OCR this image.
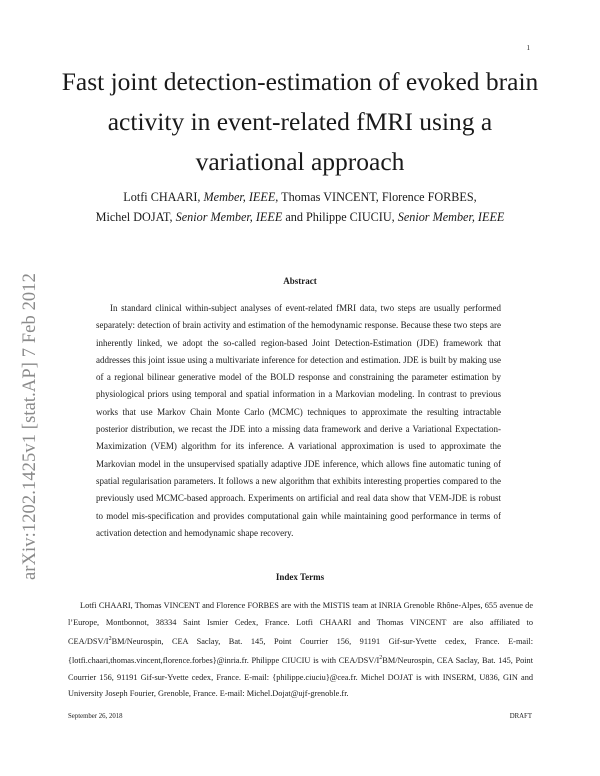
1
arXiv:1202.1425v1 [stat.AP] 7 Feb 2012
Fast joint detection-estimation of evoked brain activity in event-related fMRI using a variational approach
Lotfi CHAARI, Member, IEEE, Thomas VINCENT, Florence FORBES,
Michel DOJAT, Senior Member, IEEE and Philippe CIUCIU, Senior Member, IEEE
Abstract
In standard clinical within-subject analyses of event-related fMRI data, two steps are usually performed separately: detection of brain activity and estimation of the hemodynamic response. Because these two steps are inherently linked, we adopt the so-called region-based Joint Detection-Estimation (JDE) framework that addresses this joint issue using a multivariate inference for detection and estimation. JDE is built by making use of a regional bilinear generative model of the BOLD response and constraining the parameter estimation by physiological priors using temporal and spatial information in a Markovian modeling. In contrast to previous works that use Markov Chain Monte Carlo (MCMC) techniques to approximate the resulting intractable posterior distribution, we recast the JDE into a missing data framework and derive a Variational Expectation-Maximization (VEM) algorithm for its inference. A variational approximation is used to approximate the Markovian model in the unsupervised spatially adaptive JDE inference, which allows fine automatic tuning of spatial regularisation parameters. It follows a new algorithm that exhibits interesting properties compared to the previously used MCMC-based approach. Experiments on artificial and real data show that VEM-JDE is robust to model mis-specification and provides computational gain while maintaining good performance in terms of activation detection and hemodynamic shape recovery.
Index Terms
Lotfi CHAARI, Thomas VINCENT and Florence FORBES are with the MISTIS team at INRIA Grenoble Rhône-Alpes, 655 avenue de l’Europe, Montbonnot, 38334 Saint Ismier Cedex, France. Lotfi CHAARI and Thomas VINCENT are also affiliated to CEA/$DSV/I^2BM$/Neurospin, CEA Saclay, Bat. 145, Point Courrier 156, 91191 Gif-sur-Yvette cedex, France. E-mail: {lotfi.chaari,thomas.vincent,florence.forbes}@inria.fr. Philippe CIUCIU is with CEA/$DSV/I^2BM$/Neurospin, CEA Saclay, Bat. 145, Point Courrier 156, 91191 Gif-sur-Yvette cedex, France. E-mail: {philippe.ciuciu}@cea.fr. Michel DOJAT is with INSERM, U836, GIN and University Joseph Fourier, Grenoble, France. E-mail: Michel.Dojat@ujf-grenoble.fr.
September 26, 2018	DRAFT
